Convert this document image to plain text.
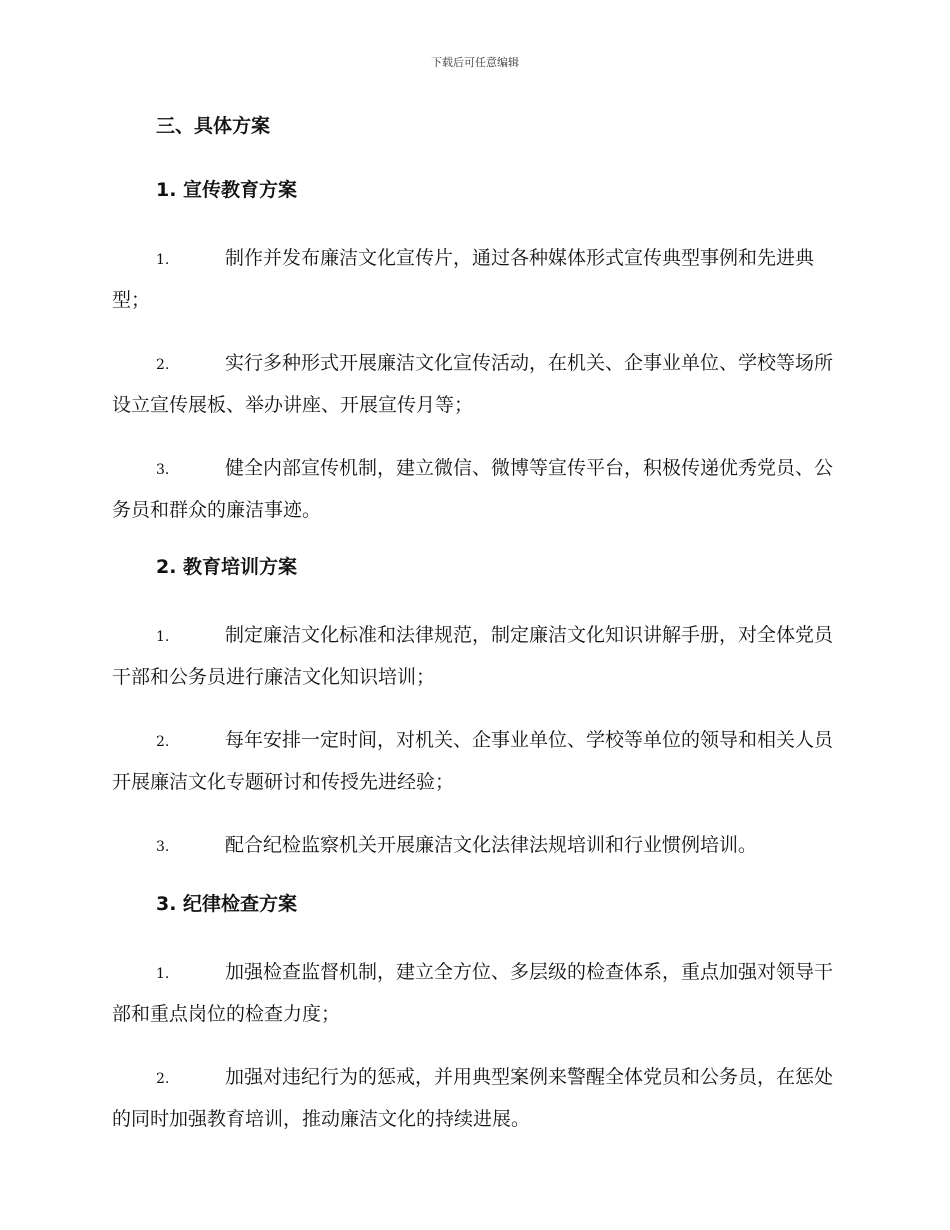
下载后可任意编辑
三、具体方案
1. 宣传教育方案
1.	制作并发布廉洁文化宣传片，通过各种媒体形式宣传典型事例和先进典型；
2.	实行多种形式开展廉洁文化宣传活动，在机关、企事业单位、学校等场所设立宣传展板、举办讲座、开展宣传月等；
3.	健全内部宣传机制，建立微信、微博等宣传平台，积极传递优秀党员、公务员和群众的廉洁事迹。
2. 教育培训方案
1.	制定廉洁文化标准和法律规范，制定廉洁文化知识讲解手册，对全体党员干部和公务员进行廉洁文化知识培训；
2.	每年安排一定时间，对机关、企事业单位、学校等单位的领导和相关人员开展廉洁文化专题研讨和传授先进经验；
3.	配合纪检监察机关开展廉洁文化法律法规培训和行业惯例培训。
3. 纪律检查方案
1.	加强检查监督机制，建立全方位、多层级的检查体系，重点加强对领导干部和重点岗位的检查力度；
2.	加强对违纪行为的惩戒，并用典型案例来警醒全体党员和公务员，在惩处的同时加强教育培训，推动廉洁文化的持续进展。
